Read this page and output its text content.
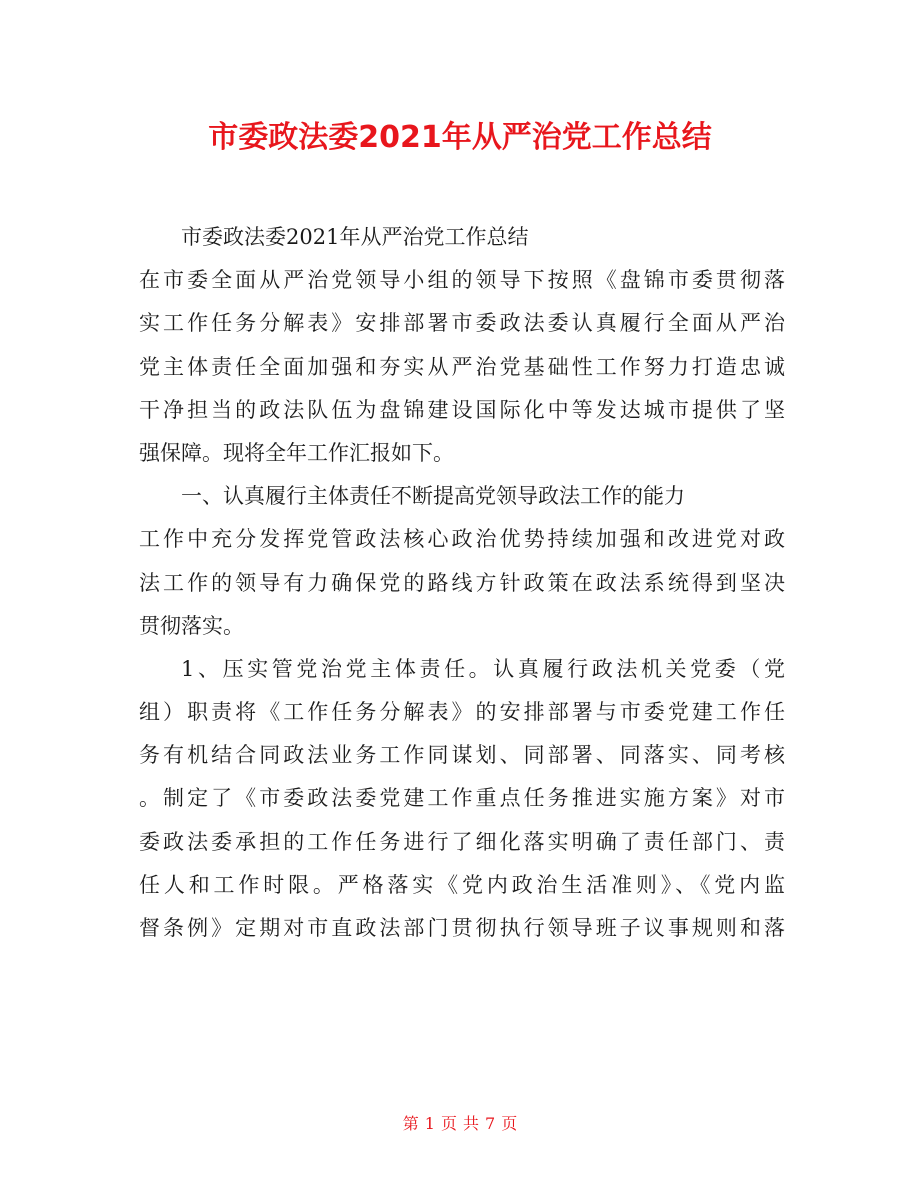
市委政法委2021年从严治党工作总结
市委政法委2021年从严治党工作总结
在市委全面从严治党领导小组的领导下按照《盘锦市委贯彻落
实工作任务分解表》安排部署市委政法委认真履行全面从严治
党主体责任全面加强和夯实从严治党基础性工作努力打造忠诚
干净担当的政法队伍为盘锦建设国际化中等发达城市提供了坚
强保障。现将全年工作汇报如下。
一、认真履行主体责任不断提高党领导政法工作的能力
工作中充分发挥党管政法核心政治优势持续加强和改进党对政
法工作的领导有力确保党的路线方针政策在政法系统得到坚决
贯彻落实。
1、压实管党治党主体责任。认真履行政法机关党委（党
组）职责将《工作任务分解表》的安排部署与市委党建工作任
务有机结合同政法业务工作同谋划、同部署、同落实、同考核
。制定了《市委政法委党建工作重点任务推进实施方案》对市
委政法委承担的工作任务进行了细化落实明确了责任部门、责
任人和工作时限。严格落实《党内政治生活准则》、《党内监
督条例》定期对市直政法部门贯彻执行领导班子议事规则和落
第 1 页 共 7 页
